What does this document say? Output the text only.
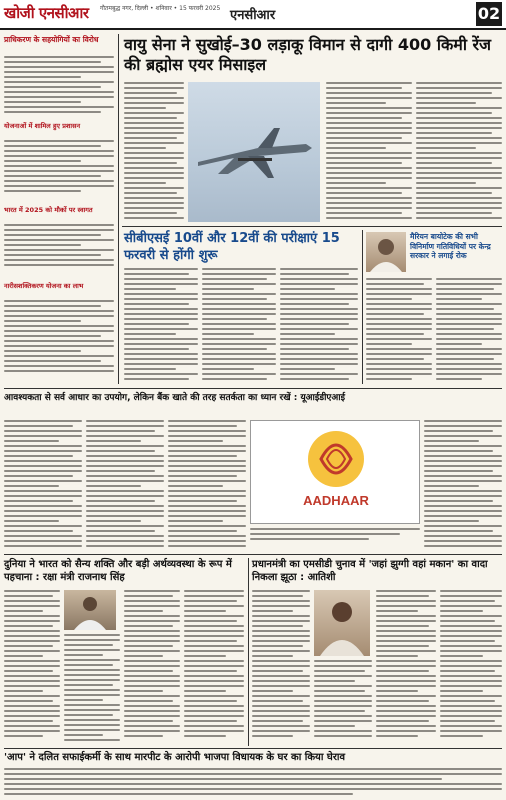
खोजी एनसीआर गौतमबुद्ध नगर, दिल्ली • शनिवार • 15 फरवरी 2025 एनसीआर	02
प्राधिकरण के सहयोगियों का विरोध
योजनाओं में शामिल हुए प्रशासन
भारत में 2025 को मौकों पर स्वागत
नारीसशक्तिकरण योजना का लाभ
वायु सेना ने सुखोई–30 लड़ाकू विमान से दागी 400 किमी रेंज की ब्रह्मोस एयर मिसाइल
सीबीएसई 10वीं और 12वीं की परीक्षाएं 15 फरवरी से होंगी शुरू
मैरियन बायोटेक की सभी विनिर्माण गतिविधियों पर केन्द्र सरकार ने लगाई रोक
आवश्यकता से सर्व आधार का उपयोग, लेकिन बैंक खाते की तरह सतर्कता का ध्यान रखें : यूआईडीएआई
AADHAAR
दुनिया ने भारत को सैन्य शक्ति और बड़ी अर्थव्यवस्था के रूप में पहचाना : रक्षा मंत्री राजनाथ सिंह
प्रधानमंत्री का एमसीडी चुनाव में 'जहां झुग्गी वहां मकान' का वादा निकला झूठा : आतिशी
'आप' ने दलित सफाईकर्मी के साथ मारपीट के आरोपी भाजपा विधायक के घर का किया घेराव
